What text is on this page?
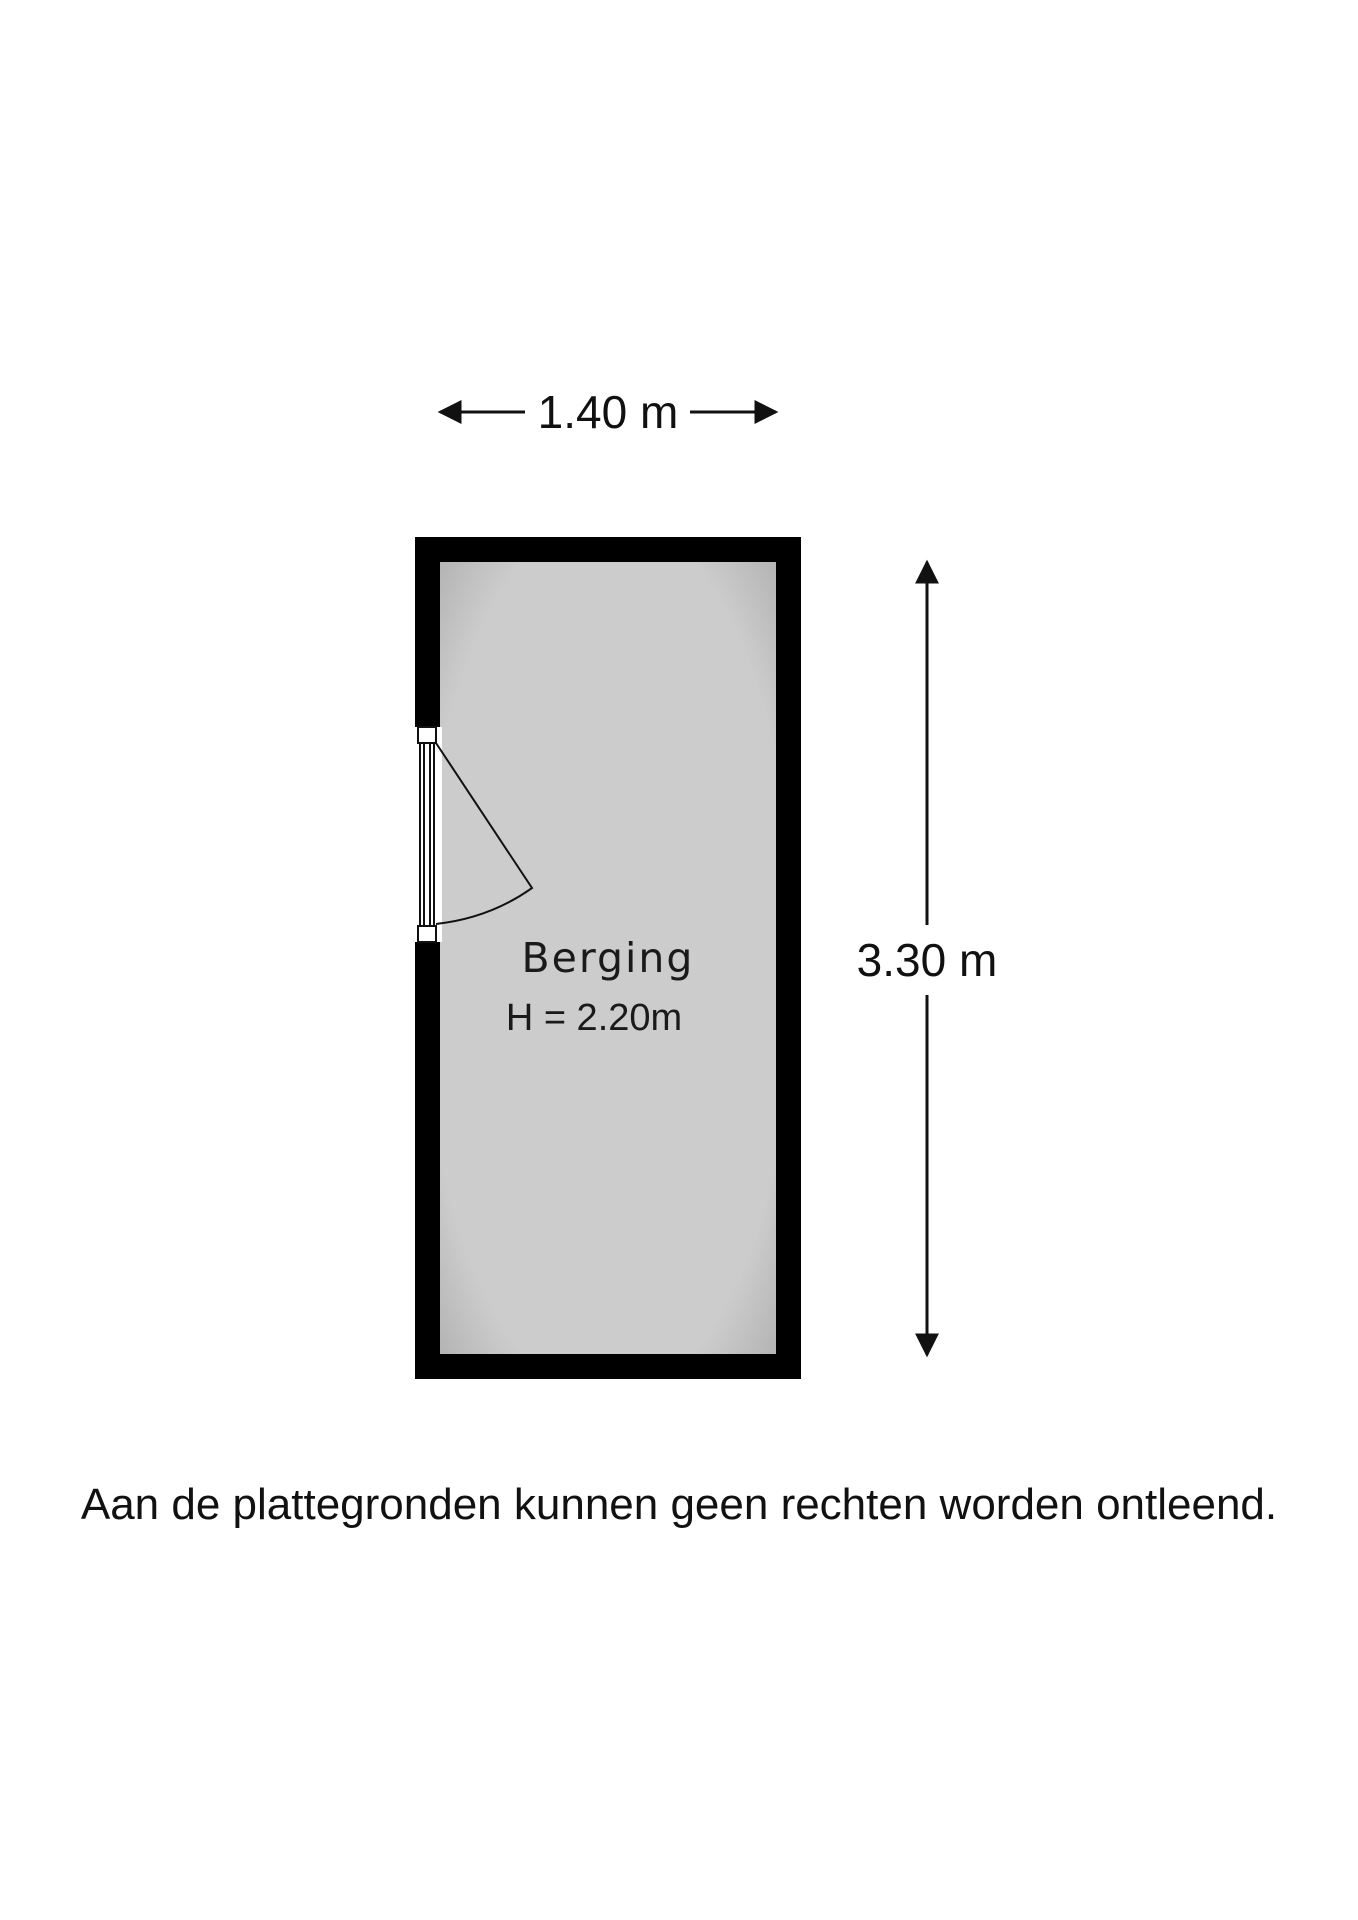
1.40 m
3.30 m
Berging
H = 2.20m
Aan de plattegronden kunnen geen rechten worden ontleend.
